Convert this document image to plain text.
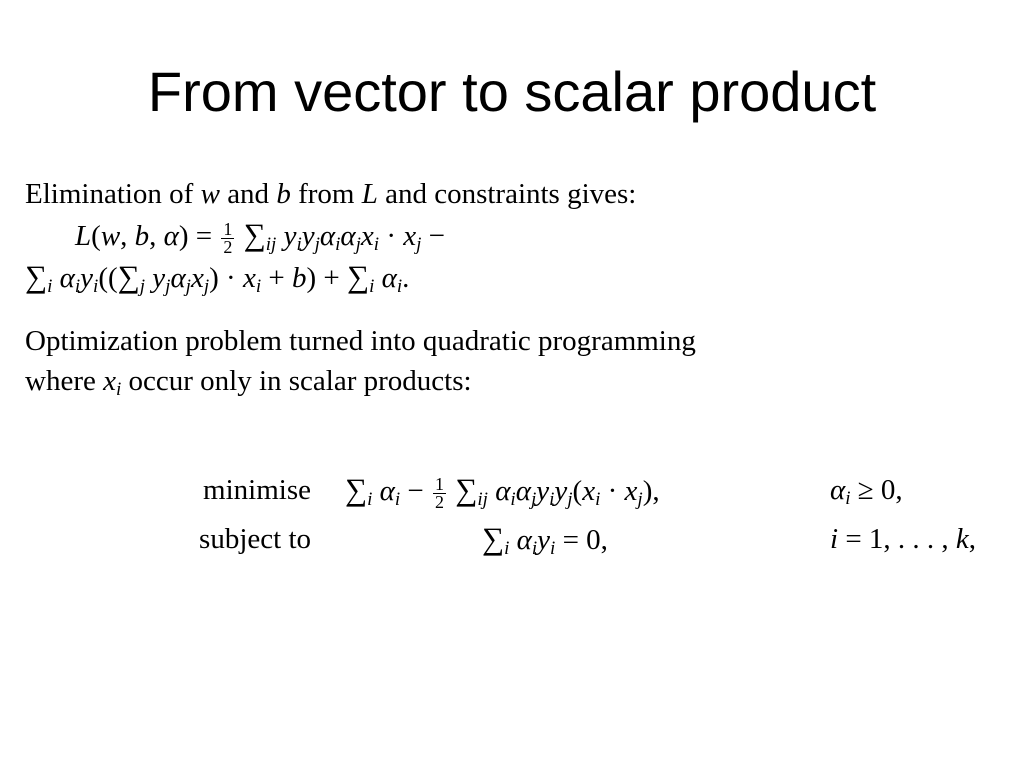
From vector to scalar product
Elimination of w and b from L and constraints gives:
L(w, b, $\alpha) = \frac{1}{2} \sum_{ij}$ $y_iy_j\alpha_i\alpha_jx_i \cdot x_j$ −
$\sum_i$ $\alpha_iy_i((\sum_j$ $y_j\alpha_jx_j) \cdot x_i + b) + \sum_i$ $\alpha_i$.
Optimization problem turned into quadratic programming
where $x_i$ occur only in scalar products:
minimise $\sum_i$ $\alpha_i - \frac{1}{2} \sum_{ij}$ $\alpha_i\alpha_jy_iy_j(x_i \cdot x_j)$,	$\alpha_i \ge 0$,
subject to	$\sum_i$ $\alpha_iy_i = 0$,	i = 1, . . . , k,
